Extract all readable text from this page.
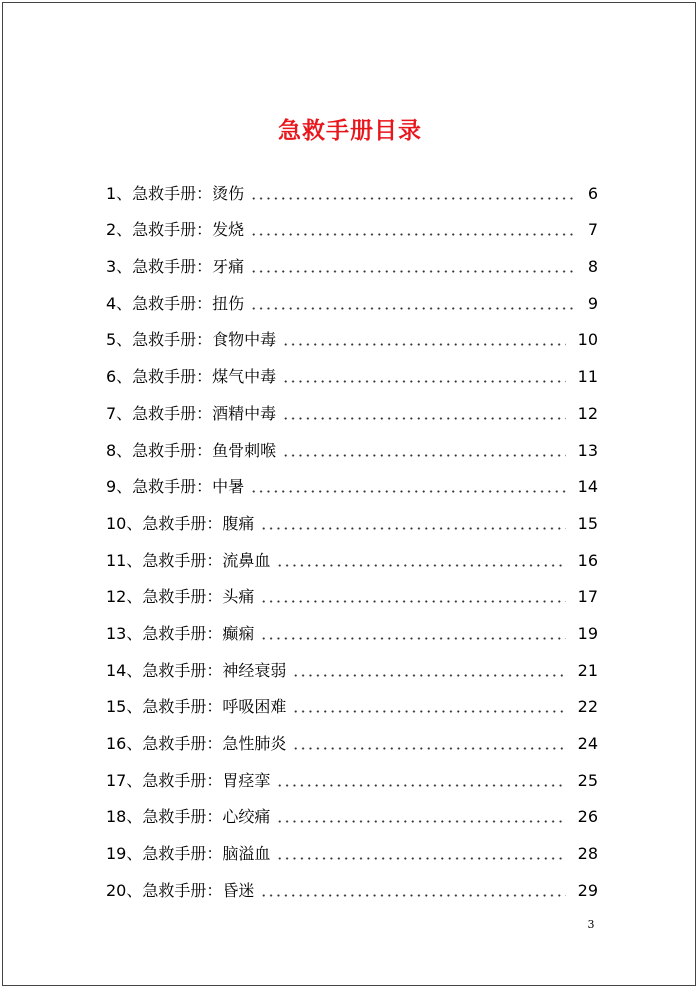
急救手册目录
1、急救手册：烫伤	6
2、急救手册：发烧	7
3、急救手册：牙痛	8
4、急救手册：扭伤	9
5、急救手册：食物中毒	10
6、急救手册：煤气中毒	11
7、急救手册：酒精中毒	12
8、急救手册：鱼骨刺喉	13
9、急救手册：中暑	14
10、急救手册：腹痛	15
11、急救手册：流鼻血	16
12、急救手册：头痛	17
13、急救手册：癫痫	19
14、急救手册：神经衰弱	21
15、急救手册：呼吸困难	22
16、急救手册：急性肺炎	24
17、急救手册：胃痉挛	25
18、急救手册：心绞痛	26
19、急救手册：脑溢血	28
20、急救手册：昏迷	29
3
